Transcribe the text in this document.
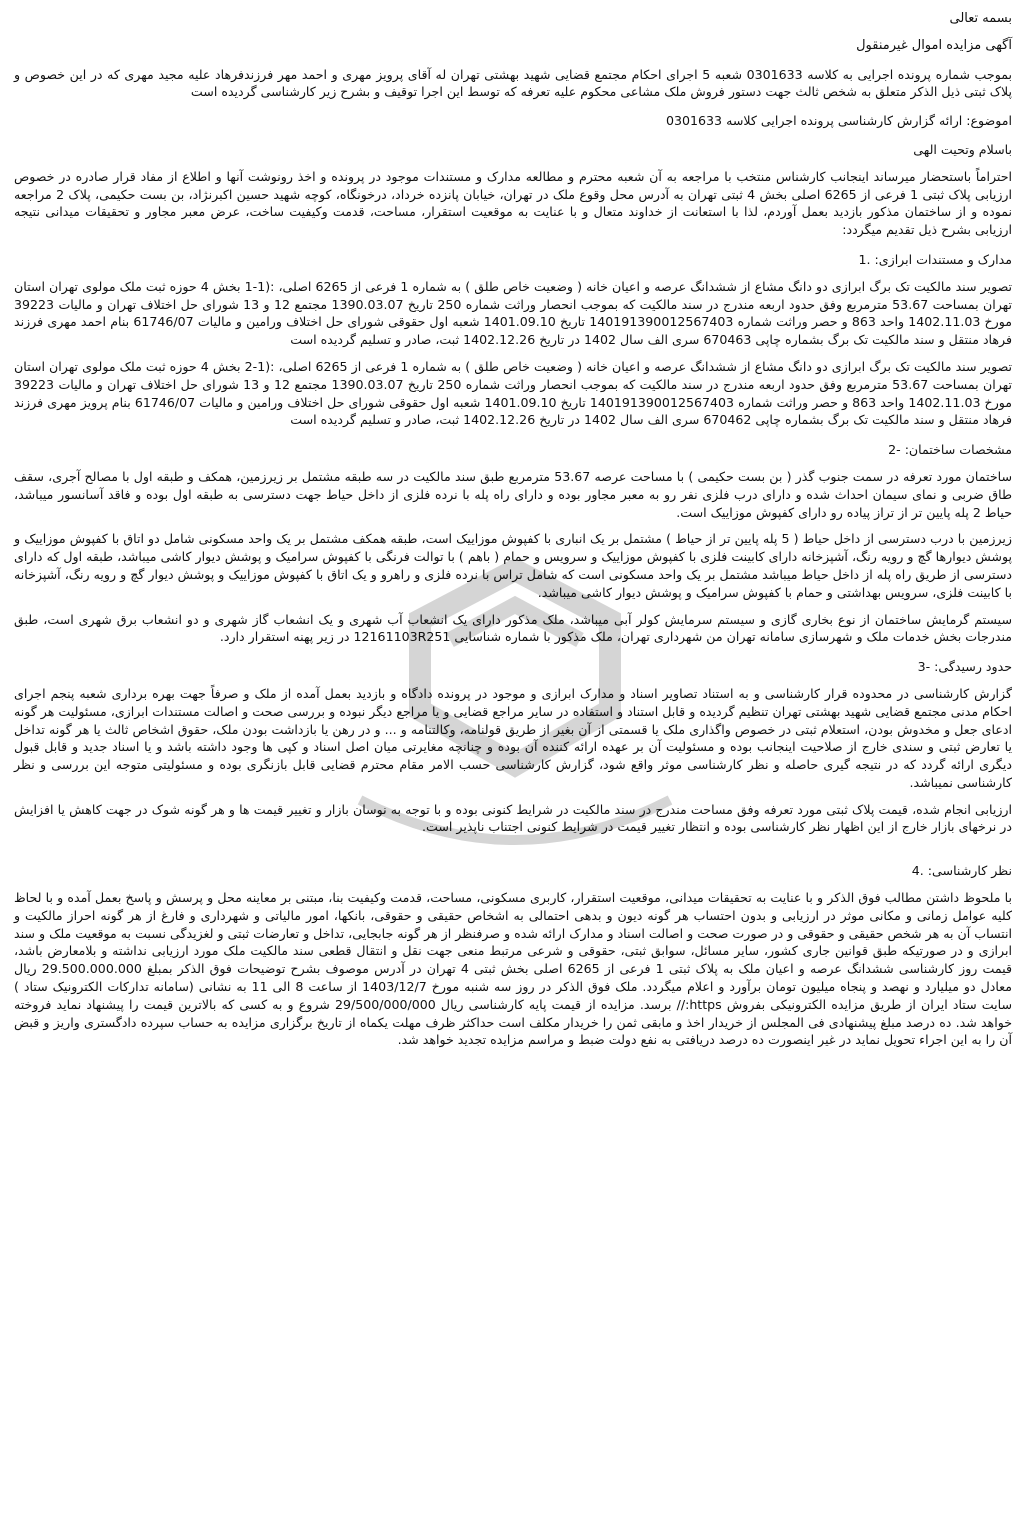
بسمه تعالی

آگهی مزایده اموال غیرمنقول

بموجب شماره پرونده اجرایی به کلاسه 0301633 شعبه 5 اجرای احکام مجتمع قضایی شهید بهشتی تهران له آقای پرویز مهری و احمد مهر فرزندفرهاد علیه مجید مهری که در این خصوص و پلاک ثبتی ذیل الذکر متعلق به شخص ثالث جهت دستور فروش ملک مشاعی محکوم علیه تعرفه که توسط این اجرا توقیف و بشرح زیر کارشناسی گردیده است

اموضوع: ارائه گزارش کارشناسی پرونده اجرایی کلاسه 0301633

باسلام وتحیت الهی

احتراماً باستحضار میرساند اینجانب کارشناس منتخب با مراجعه به آن شعبه محترم و مطالعه مدارک و مستندات موجود در پرونده و اخذ رونوشت آنها و اطلاع از مفاد قرار صادره در خصوص ارزیابی پلاک ثبتی 1 فرعی از 6265 اصلی بخش 4 ثبتی تهران به آدرس محل وقوع ملک در تهران، خیابان پانزده خرداد، درخونگاه، کوچه شهید حسین اکبرنژاد، بن بست حکیمی، پلاک 2 مراجعه نموده و از ساختمان مذکور بازدید بعمل آوردم، لذا با استعانت از خداوند متعال و با عنایت به موقعیت استقرار، مساحت، قدمت وکیفیت ساخت، عرض معبر مجاور و تحقیقات میدانی نتیجه ارزیابی بشرح ذیل تقدیم میگردد:

مدارک و مستندات ابرازی: .1

تصویر سند مالکیت تک برگ ابرازی دو دانگ مشاع از ششدانگ عرصه و اعیان خانه ( وضعیت خاص طلق ) به شماره 1 فرعی از 6265 اصلی، :(1-1 بخش 4 حوزه ثبت ملک مولوی تهران استان تهران بمساحت 53.67 مترمربع وفق حدود اربعه مندرج در سند مالکیت که بموجب انحصار وراثت شماره 250 تاریخ 1390.03.07 مجتمع 12 و 13 شورای حل اختلاف تهران و مالیات 39223 مورخ 1402.11.03 واحد 863 و حصر وراثت شماره 140191390012567403 تاریخ 1401.09.10 شعبه اول حقوقی شورای حل اختلاف ورامین و مالیات 61746/07 بنام احمد مهری فرزند فرهاد منتقل و سند مالکیت تک برگ بشماره چاپی 670463 سری الف سال 1402 در تاریخ 1402.12.26 ثبت، صادر و تسلیم گردیده است

تصویر سند مالکیت تک برگ ابرازی دو دانگ مشاع از ششدانگ عرصه و اعیان خانه ( وضعیت خاص طلق ) به شماره 1 فرعی از 6265 اصلی، :(1-2 بخش 4 حوزه ثبت ملک مولوی تهران استان تهران بمساحت 53.67 مترمربع وفق حدود اربعه مندرج در سند مالکیت که بموجب انحصار وراثت شماره 250 تاریخ 1390.03.07 مجتمع 12 و 13 شورای حل اختلاف تهران و مالیات 39223 مورخ 1402.11.03 واحد 863 و حصر وراثت شماره 140191390012567403 تاریخ 1401.09.10 شعبه اول حقوقی شورای حل اختلاف ورامین و مالیات 61746/07 بنام پرویز مهری فرزند فرهاد منتقل و سند مالکیت تک برگ بشماره چاپی 670462 سری الف سال 1402 در تاریخ 1402.12.26 ثبت، صادر و تسلیم گردیده است

مشخصات ساختمان: -2

ساختمان مورد تعرفه در سمت جنوب گذر ( بن بست حکیمی ) با مساحت عرصه 53.67 مترمربع طبق سند مالکیت در سه طبقه مشتمل بر زیرزمین، همکف و طبقه اول با مصالح آجری، سقف طاق ضربی و نمای سیمان احداث شده و دارای درب فلزی نفر رو به معبر مجاور بوده و دارای راه پله با نرده فلزی از داخل حیاط جهت دسترسی به طبقه اول بوده و فاقد آسانسور میباشد، حیاط 2 پله پایین تر از تراز پیاده رو دارای کفپوش موزاییک است.

زیرزمین با درب دسترسی از داخل حیاط ( 5 پله پایین تر از حیاط ) مشتمل بر یک انباری با کفپوش موزاییک است، طبقه همکف مشتمل بر یک واحد مسکونی شامل دو اتاق با کفپوش موزاییک و پوشش دیوارها گچ و رویه رنگ، آشپزخانه دارای کابینت فلزی با کفپوش موزاییک و سرویس و حمام ( باهم ) با توالت فرنگی با کفپوش سرامیک و پوشش دیوار کاشی میباشد، طبقه اول که دارای دسترسی از طریق راه پله از داخل حیاط میباشد مشتمل بر یک واحد مسکونی است که شامل تراس با نرده فلزی و راهرو و یک اتاق با کفپوش موزاییک و پوشش دیوار گچ و رویه رنگ، آشپزخانه با کابینت فلزی، سرویس بهداشتی و حمام با کفپوش سرامیک و پوشش دیوار کاشی میباشد.

سیستم گرمایش ساختمان از نوع بخاری گازی و سیستم سرمایش کولر آبی میباشد، ملک مذکور دارای یک انشعاب آب شهری و یک انشعاب گاز شهری و دو انشعاب برق شهری است، طبق مندرجات بخش خدمات ملک و شهرسازی سامانه تهران من شهرداری تهران، ملک مذکور با شماره شناسایی 12161103R251 در زیر پهنه استقرار دارد.

حدود رسیدگی: -3

گزارش کارشناسی در محدوده قرار کارشناسی و به استناد تصاویر اسناد و مدارک ابرازی و موجود در پرونده دادگاه و بازدید بعمل آمده از ملک و صرفاً جهت بهره برداری شعبه پنجم اجرای احکام مدنی مجتمع قضایی شهید بهشتی تهران تنظیم گردیده و قابل استناد و استفاده در سایر مراجع قضایی و یا مراجع دیگر نبوده و بررسی صحت و اصالت مستندات ابرازی، مسئولیت هر گونه ادعای جعل و مخدوش بودن، استعلام ثبتی در خصوص واگذاری ملک یا قسمتی از آن بغیر از طریق قولنامه، وکالتنامه و ... و در رهن یا بازداشت بودن ملک، حقوق اشخاص ثالث یا هر گونه تداخل یا تعارض ثبتی و سندی خارج از صلاحیت اینجانب بوده و مسئولیت آن بر عهده ارائه کننده آن بوده و چنانچه مغایرتی میان اصل اسناد و کپی ها وجود داشته باشد و یا اسناد جدید و قابل قبول دیگری ارائه گردد که در نتیجه گیری حاصله و نظر کارشناسی موثر واقع شود، گزارش کارشناسی حسب الامر مقام محترم قضایی قابل بازنگری بوده و مسئولیتی متوجه این بررسی و نظر کارشناسی نمیباشد.

ارزیابی انجام شده، قیمت پلاک ثبتی مورد تعرفه وفق مساحت مندرج در سند مالکیت در شرایط کنونی بوده و با توجه به نوسان بازار و تغییر قیمت ها و هر گونه شوک در جهت کاهش یا افزایش در نرخهای بازار خارج از این اظهار نظر کارشناسی بوده و انتظار تغییر قیمت در شرایط کنونی اجتناب ناپذیر است.

نظر کارشناسی: .4

با ملحوظ داشتن مطالب فوق الذکر و با عنایت به تحقیقات میدانی، موقعیت استقرار، کاربری مسکونی، مساحت، قدمت وکیفیت بنا، مبتنی بر معاینه محل و پرسش و پاسخ بعمل آمده و با لحاظ کلیه عوامل زمانی و مکانی موثر در ارزیابی و بدون احتساب هر گونه دیون و بدهی احتمالی به اشخاص حقیقی و حقوقی، بانکها، امور مالیاتی و شهرداری و فارغ از هر گونه احراز مالکیت و انتساب آن به هر شخص حقیقی و حقوقی و در صورت صحت و اصالت اسناد و مدارک ارائه شده و صرفنظر از هر گونه جابجایی، تداخل و تعارضات ثبتی و لغزیدگی نسبت به موقعیت ملک و سند ابرازی و در صورتیکه طبق قوانین جاری کشور، سایر مسائل، سوابق ثبتی، حقوقی و شرعی مرتبط منعی جهت نقل و انتقال قطعی سند مالکیت ملک مورد ارزیابی نداشته و بلامعارض باشد، قیمت روز کارشناسی ششدانگ عرصه و اعیان ملک به پلاک ثبتی 1 فرعی از 6265 اصلی بخش ثبتی 4 تهران در آدرس موصوف بشرح توضیحات فوق الذکر بمبلغ 29.500.000.000 ریال معادل دو میلیارد و نهصد و پنجاه میلیون تومان برآورد و اعلام میگردد. ملک فوق الذکر در روز سه شنبه مورخ 1403/12/7 از ساعت 8 الی 11 به نشانی (سامانه تدارکات الکترونیک ستاد ) سایت ستاد ایران از طریق مزایده الکترونیکی بفروش https:// برسد. مزایده از قیمت پایه کارشناسی ریال 29/500/000/000 شروع و به کسی که بالاترین قیمت را پیشنهاد نماید فروخته خواهد شد. ده درصد مبلغ پیشنهادی فی المجلس از خریدار اخذ و مابقی ثمن را خریدار مکلف است حداکثر ظرف مهلت یکماه از تاریخ برگزاری مزایده به حساب سپرده دادگستری واریز و قبض آن را به این اجراء تحویل نماید در غیر اینصورت ده درصد دریافتی به نفع دولت ضبط و مراسم مزایده تجدید خواهد شد.
